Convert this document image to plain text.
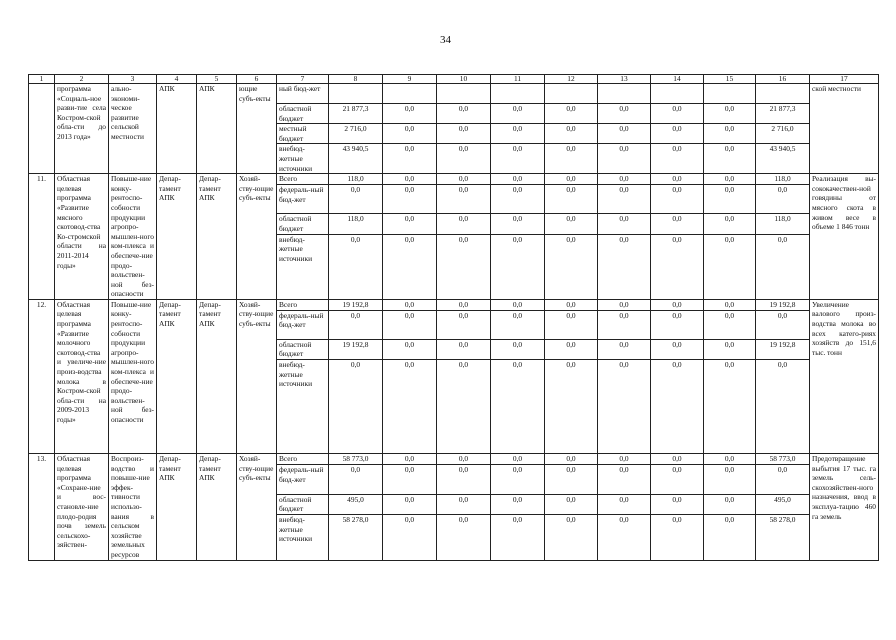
34
1	2	3	4	5	6	7	8	9	10	11	12	13	14	15	16	17
	программа «Социаль-ное разви-тие села Костром-ской обла-сти до 2013 года»	ально-экономи-ческое развитие сельской местности	АПК	АПК	ющие субъ-екты	ный бюд-жет										ской местности
						областной бюджет	21 877,3	0,0	0,0	0,0	0,0	0,0	0,0	0,0	21 877,3	
						местный бюджет	2 716,0	0,0	0,0	0,0	0,0	0,0	0,0	0,0	2 716,0	
						внебюд-жетные источники	43 940,5	0,0	0,0	0,0	0,0	0,0	0,0	0,0	43 940,5	
11.	Областная целевая программа «Развитие мясного скотовод-ства Ко-стромской области на 2011-2014 годы»	Повыше-ние конку-рентоспо-собности продукции агропро-мышлен-ного ком-плекса и обеспече-ние продо-вольствен-ной без-опасности	Депар-тамент АПК	Депар-тамент АПК	Хозяй-ству-ющие субъ-екты	Всего	118,0	0,0	0,0	0,0	0,0	0,0	0,0	0,0	118,0	Реализация вы-сококачествен-ной говядины от мясного скота в живом весе в объеме 1 846 тонн
						федераль-ный бюд-жет	0,0	0,0	0,0	0,0	0,0	0,0	0,0	0,0	0,0	
						областной бюджет	118,0	0,0	0,0	0,0	0,0	0,0	0,0	0,0	118,0	
						внебюд-жетные источники	0,0	0,0	0,0	0,0	0,0	0,0	0,0	0,0	0,0	
12.	Областная целевая программа «Развитие молочного скотовод-ства и увеличе-ние произ-водства молока в Костром-ской обла-сти на 2009-2013 годы»	Повыше-ние конку-рентоспо-собности продукции агропро-мышлен-ного ком-плекса и обеспече-ние продо-вольствен-ной без-опасности	Депар-тамент АПК	Депар-тамент АПК	Хозяй-ству-ющие субъ-екты	Всего	19 192,8	0,0	0,0	0,0	0,0	0,0	0,0	0,0	19 192,8	Увеличение валового произ-водства молока во всех катего-риях хозяйств до 151,6 тыс. тонн
						федераль-ный бюд-жет	0,0	0,0	0,0	0,0	0,0	0,0	0,0	0,0	0,0	
						областной бюджет	19 192,8	0,0	0,0	0,0	0,0	0,0	0,0	0,0	19 192,8	
						внебюд-жетные источники	0,0	0,0	0,0	0,0	0,0	0,0	0,0	0,0	0,0	
13.	Областная целевая программа «Сохране-ние и вос-становле-ние плодо-родия почв земель сельскохо-зяйствен-	Воспроиз-водство и повыше-ние эффек-тивности использо-вания в сельском хозяйстве земельных ресурсов	Депар-тамент АПК	Депар-тамент АПК	Хозяй-ству-ющие субъ-екты	Всего	58 773,0	0,0	0,0	0,0	0,0	0,0	0,0	0,0	58 773,0	Предотвращение выбытия 17 тыс. га земель сель-скохозяйствен-ного назначения, ввод в эксплуа-тацию 460 га земель
						федераль-ный бюд-жет	0,0	0,0	0,0	0,0	0,0	0,0	0,0	0,0	0,0	
						областной бюджет	495,0	0,0	0,0	0,0	0,0	0,0	0,0	0,0	495,0	
						внебюд-жетные источники	58 278,0	0,0	0,0	0,0	0,0	0,0	0,0	0,0	58 278,0	
